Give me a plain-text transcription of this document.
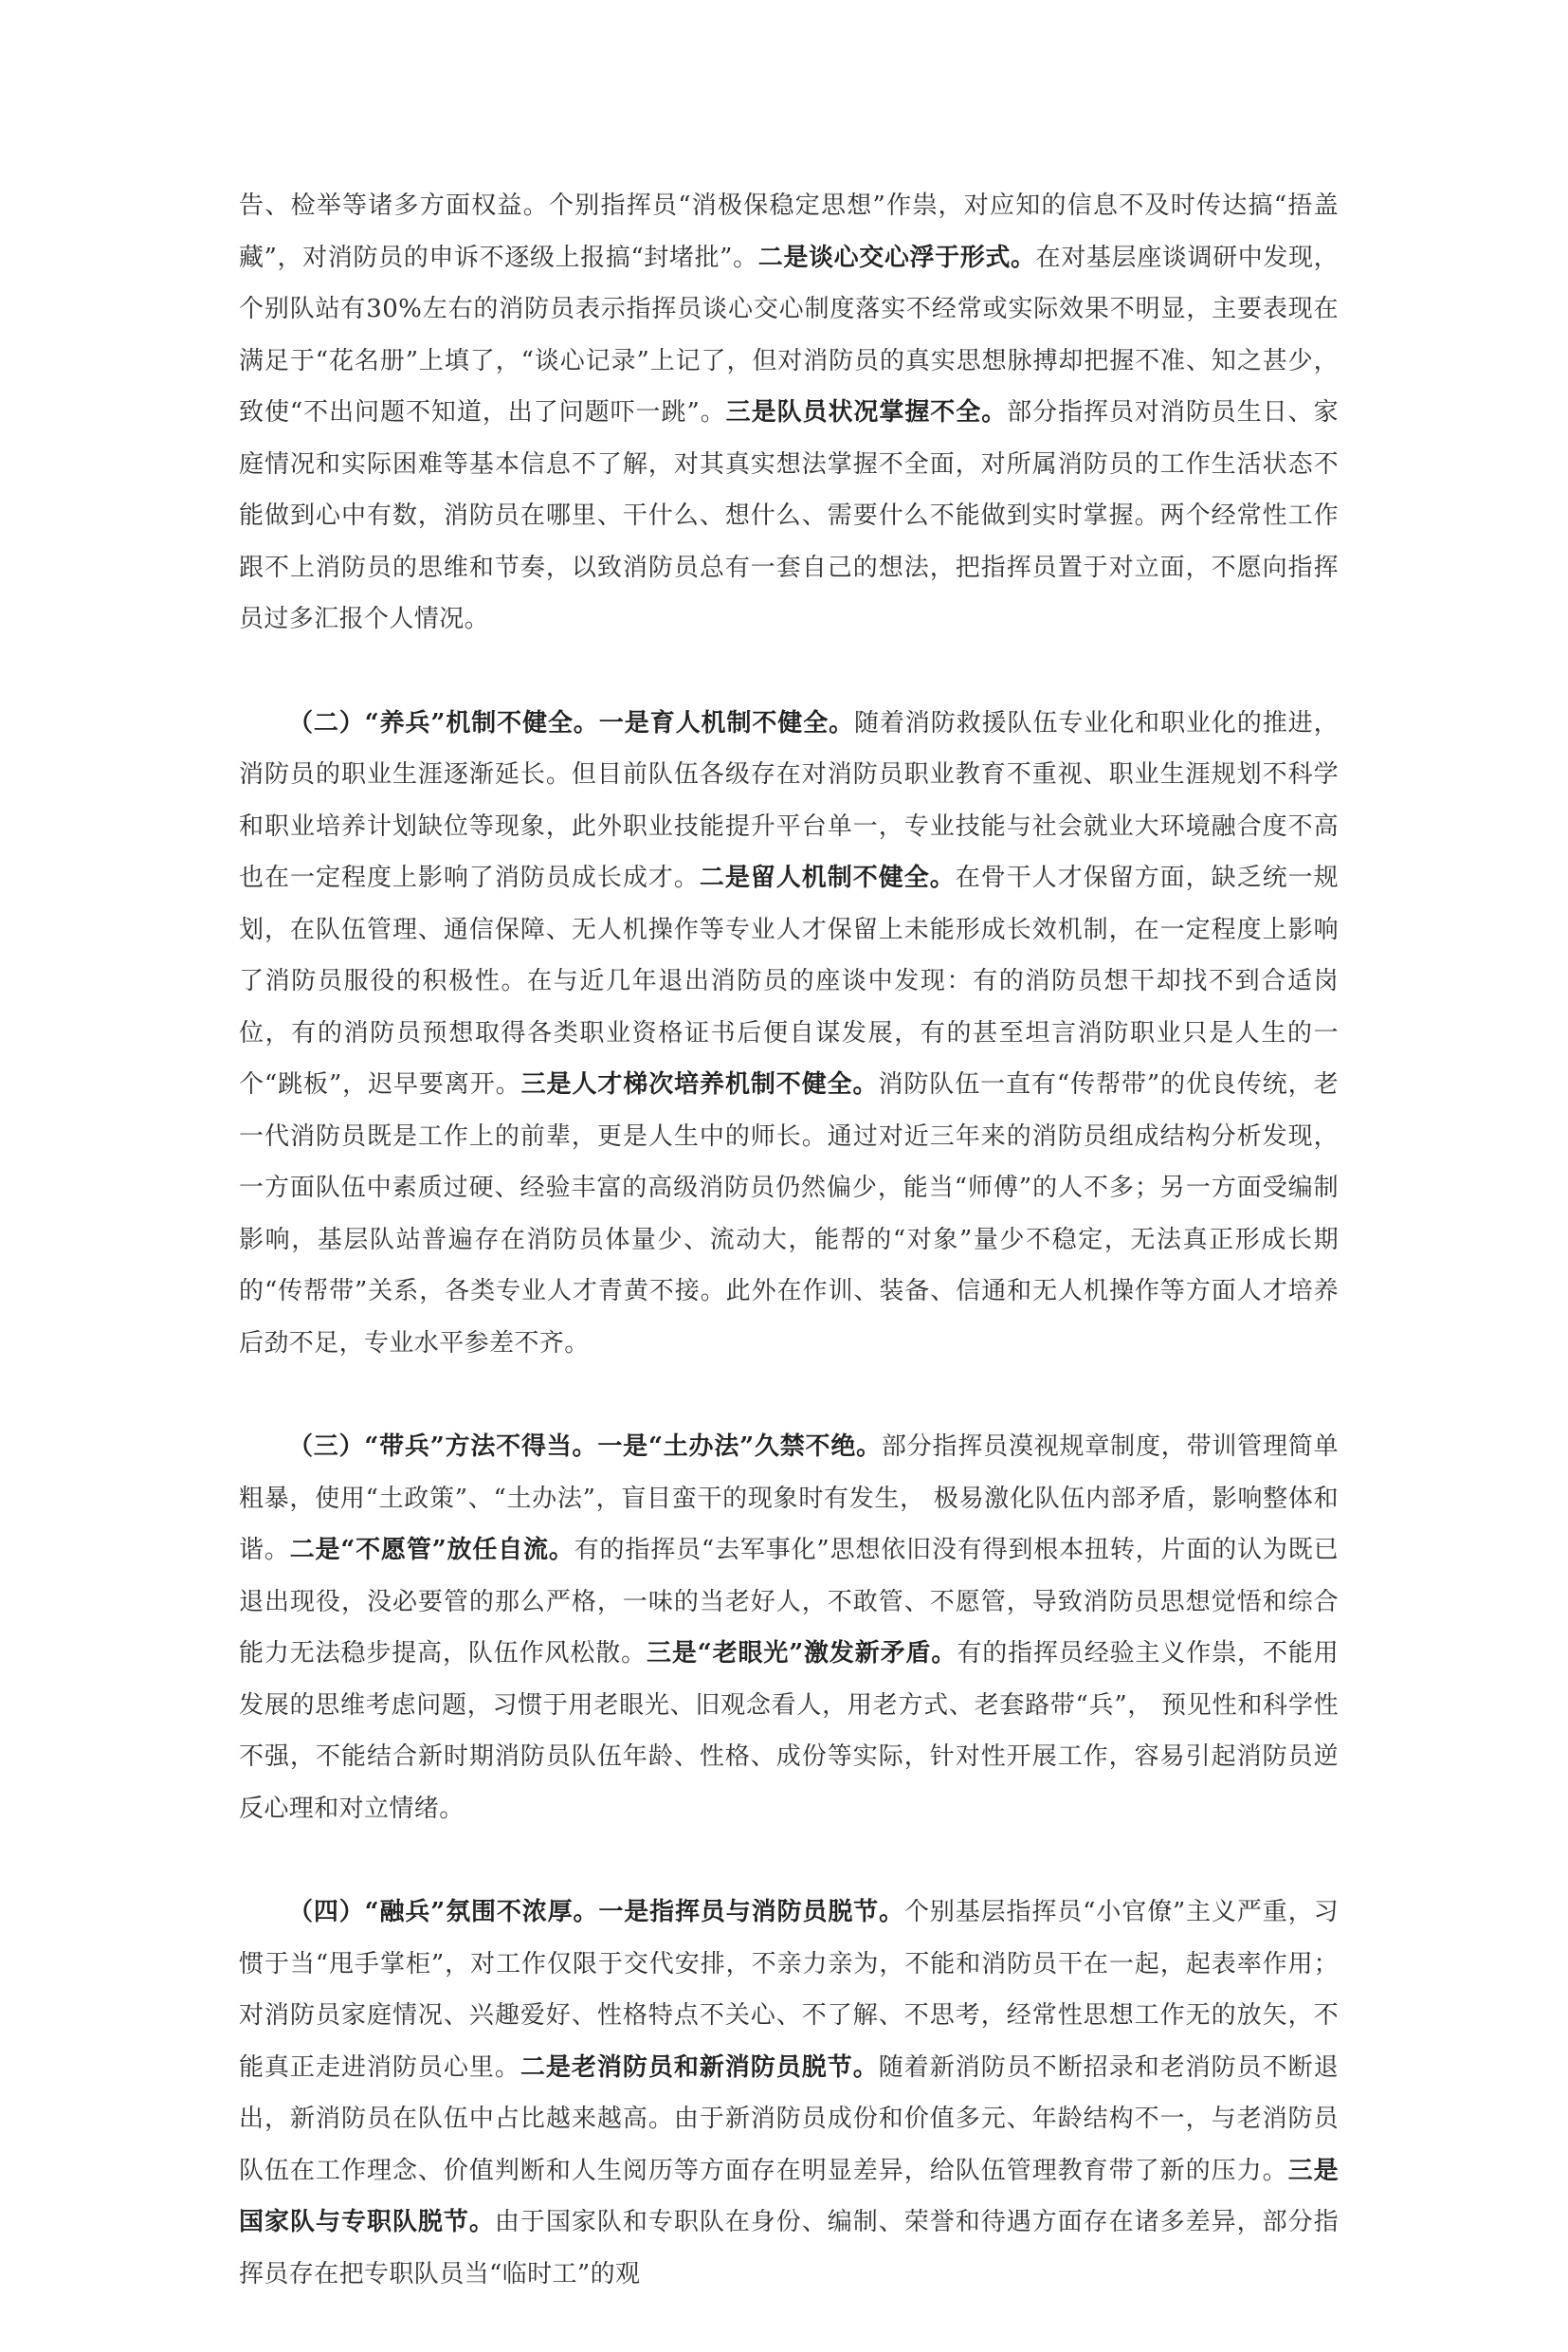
告、检举等诸多方面权益。个别指挥员“消极保稳定思想”作祟，对应知的信息不及时传达搞“捂盖藏”，对消防员的申诉不逐级上报搞“封堵批”。二是谈心交心浮于形式。在对基层座谈调研中发现，个别队站有30%左右的消防员表示指挥员谈心交心制度落实不经常或实际效果不明显，主要表现在满足于“花名册”上填了，“谈心记录”上记了，但对消防员的真实思想脉搏却把握不准、知之甚少，致使“不出问题不知道，出了问题吓一跳”。三是队员状况掌握不全。部分指挥员对消防员生日、家庭情况和实际困难等基本信息不了解，对其真实想法掌握不全面，对所属消防员的工作生活状态不能做到心中有数，消防员在哪里、干什么、想什么、需要什么不能做到实时掌握。两个经常性工作跟不上消防员的思维和节奏，以致消防员总有一套自己的想法，把指挥员置于对立面，不愿向指挥员过多汇报个人情况。

（二）“养兵”机制不健全。一是育人机制不健全。随着消防救援队伍专业化和职业化的推进，消防员的职业生涯逐渐延长。但目前队伍各级存在对消防员职业教育不重视、职业生涯规划不科学和职业培养计划缺位等现象，此外职业技能提升平台单一，专业技能与社会就业大环境融合度不高也在一定程度上影响了消防员成长成才。二是留人机制不健全。在骨干人才保留方面，缺乏统一规划，在队伍管理、通信保障、无人机操作等专业人才保留上未能形成长效机制，在一定程度上影响了消防员服役的积极性。在与近几年退出消防员的座谈中发现：有的消防员想干却找不到合适岗位，有的消防员预想取得各类职业资格证书后便自谋发展，有的甚至坦言消防职业只是人生的一个“跳板”，迟早要离开。三是人才梯次培养机制不健全。消防队伍一直有“传帮带”的优良传统，老一代消防员既是工作上的前辈，更是人生中的师长。通过对近三年来的消防员组成结构分析发现，一方面队伍中素质过硬、经验丰富的高级消防员仍然偏少，能当“师傅”的人不多；另一方面受编制影响，基层队站普遍存在消防员体量少、流动大，能帮的“对象”量少不稳定，无法真正形成长期的“传帮带”关系，各类专业人才青黄不接。此外在作训、装备、信通和无人机操作等方面人才培养后劲不足，专业水平参差不齐。

（三）“带兵”方法不得当。一是“土办法”久禁不绝。部分指挥员漠视规章制度，带训管理简单粗暴，使用“土政策”、“土办法”，盲目蛮干的现象时有发生， 极易激化队伍内部矛盾，影响整体和谐。二是“不愿管”放任自流。有的指挥员“去军事化”思想依旧没有得到根本扭转，片面的认为既已退出现役，没必要管的那么严格，一味的当老好人，不敢管、不愿管，导致消防员思想觉悟和综合能力无法稳步提高，队伍作风松散。三是“老眼光”激发新矛盾。有的指挥员经验主义作祟，不能用发展的思维考虑问题，习惯于用老眼光、旧观念看人，用老方式、老套路带“兵”， 预见性和科学性不强，不能结合新时期消防员队伍年龄、性格、成份等实际，针对性开展工作，容易引起消防员逆反心理和对立情绪。

（四）“融兵”氛围不浓厚。一是指挥员与消防员脱节。个别基层指挥员“小官僚”主义严重，习惯于当“甩手掌柜”，对工作仅限于交代安排，不亲力亲为，不能和消防员干在一起，起表率作用；对消防员家庭情况、兴趣爱好、性格特点不关心、不了解、不思考，经常性思想工作无的放矢，不能真正走进消防员心里。二是老消防员和新消防员脱节。随着新消防员不断招录和老消防员不断退出，新消防员在队伍中占比越来越高。由于新消防员成份和价值多元、年龄结构不一，与老消防员队伍在工作理念、价值判断和人生阅历等方面存在明显差异，给队伍管理教育带了新的压力。三是国家队与专职队脱节。由于国家队和专职队在身份、编制、荣誉和待遇方面存在诸多差异，部分指挥员存在把专职队员当“临时工”的观
